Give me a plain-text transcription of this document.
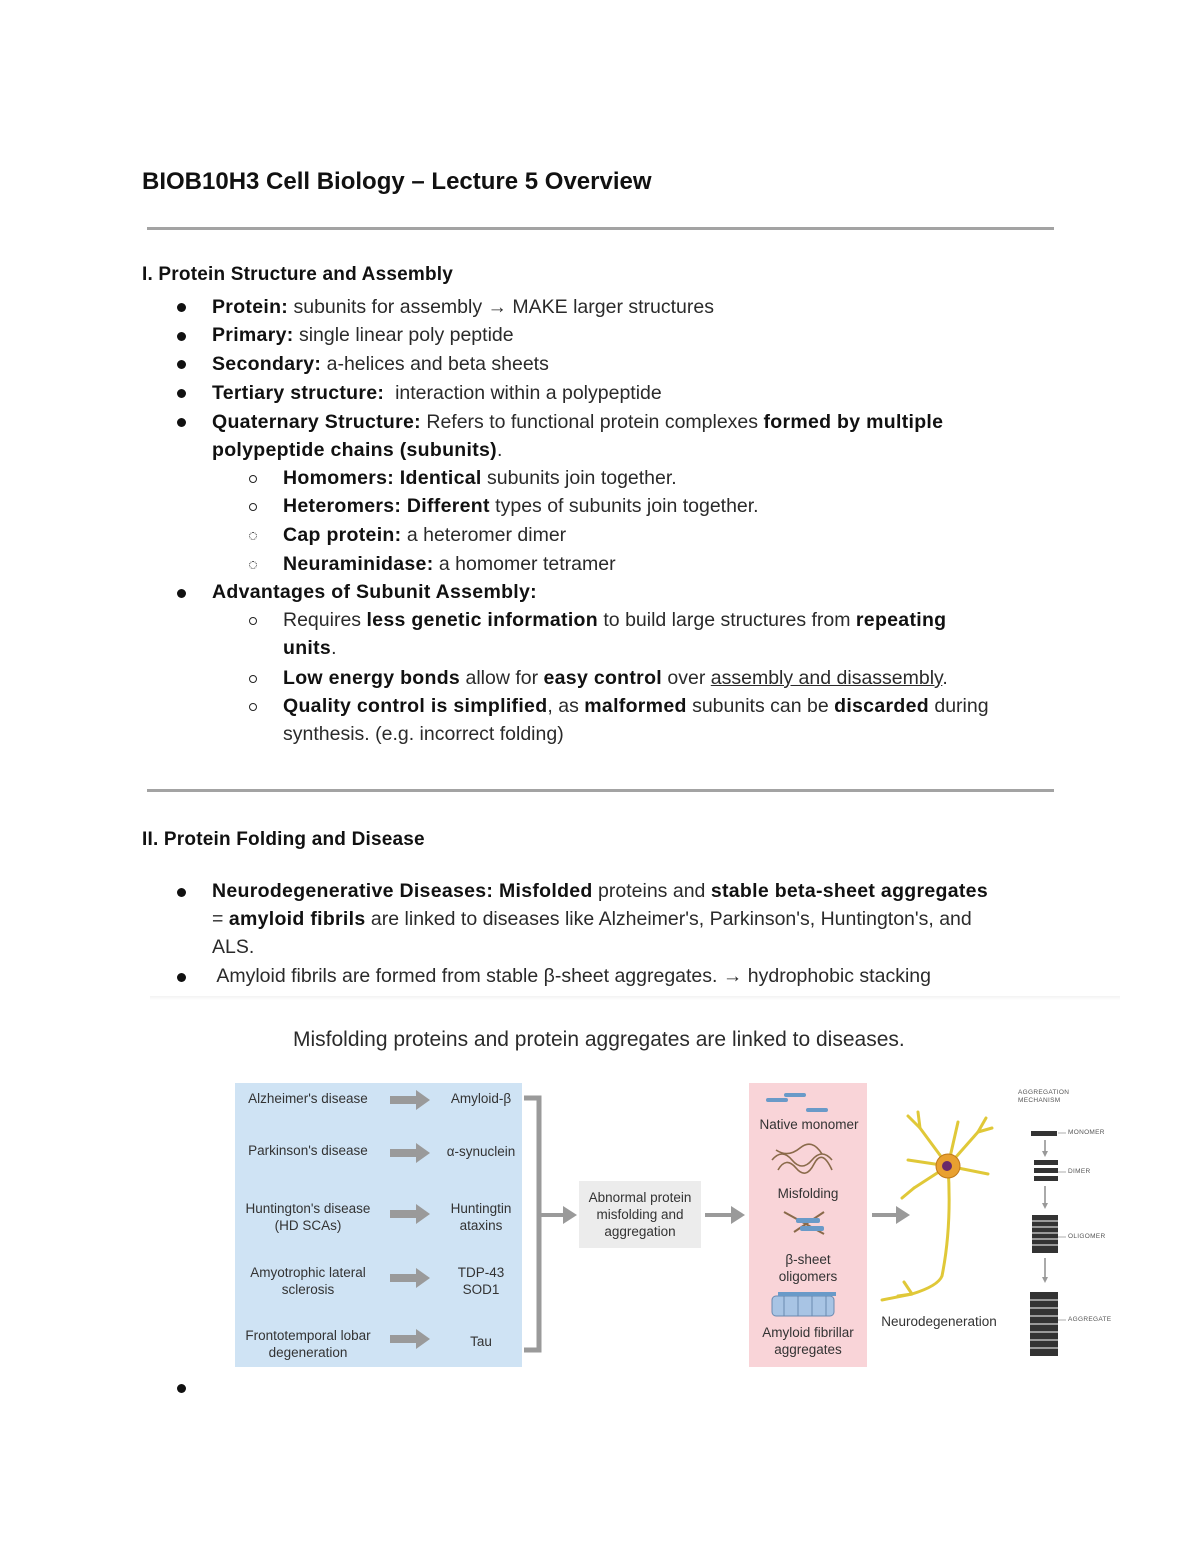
BIOB10H3 Cell Biology – Lecture 5 Overview
I. Protein Structure and Assembly
Protein: subunits for assembly → MAKE larger structures
Primary: single linear poly peptide
Secondary: a-helices and beta sheets
Tertiary structure:  interaction within a polypeptide
Quaternary Structure: Refers to functional protein complexes formed by multiple
polypeptide chains (subunits).
Homomers: Identical subunits join together.
Heteromers: Different types of subunits join together.
Cap protein: a heteromer dimer
Neuraminidase: a homomer tetramer
Advantages of Subunit Assembly:
Requires less genetic information to build large structures from repeating
units.
Low energy bonds allow for easy control over assembly and disassembly.
Quality control is simplified, as malformed subunits can be discarded during
synthesis. (e.g. incorrect folding)
II. Protein Folding and Disease
Neurodegenerative Diseases: Misfolded proteins and stable beta-sheet aggregates
= amyloid fibrils are linked to diseases like Alzheimer's, Parkinson's, Huntington's, and
ALS.
Amyloid fibrils are formed from stable β-sheet aggregates. → hydrophobic stacking
Misfolding proteins and protein aggregates are linked to diseases.
Alzheimer's disease
Parkinson's disease
Huntington's disease (HD SCAs)
Amyotrophic lateral sclerosis
Frontotemporal lobar degeneration
Amyloid-β
α-synuclein
Huntingtin ataxins
TDP-43 SOD1
Tau
Abnormal protein misfolding and aggregation
Native monomer
Misfolding
β-sheet oligomers
Amyloid fibrillar aggregates
Neurodegeneration
AGGREGATION MECHANISM
MONOMER
DIMER
OLIGOMER
AGGREGATE
